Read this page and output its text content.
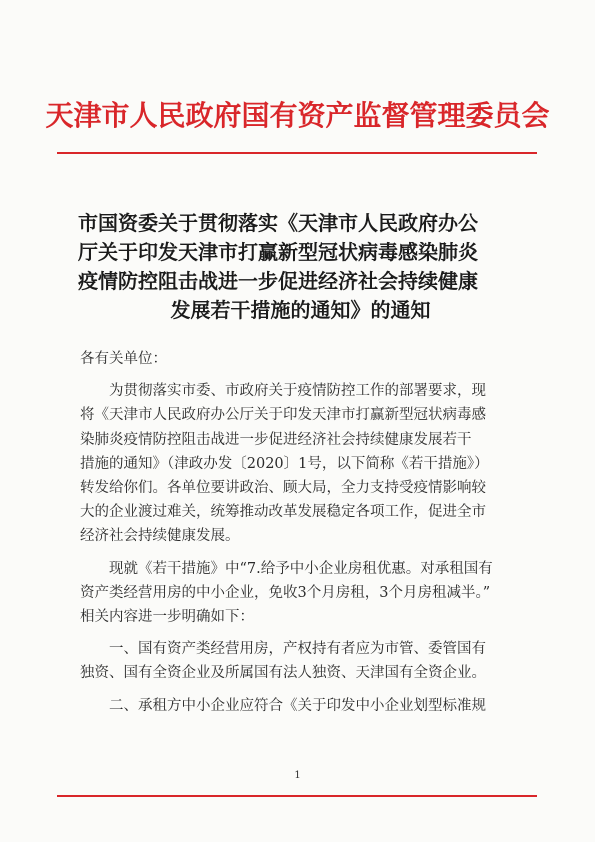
天津市人民政府国有资产监督管理委员会
市国资委关于贯彻落实《天津市人民政府办公
厅关于印发天津市打赢新型冠状病毒感染肺炎
疫情防控阻击战进一步促进经济社会持续健康
发展若干措施的通知》的通知
各有关单位：
为贯彻落实市委、市政府关于疫情防控工作的部署要求，现
将《天津市人民政府办公厅关于印发天津市打赢新型冠状病毒感
染肺炎疫情防控阻击战进一步促进经济社会持续健康发展若干
措施的通知》（津政办发〔2020〕1号，以下简称《若干措施》）
转发给你们。各单位要讲政治、顾大局，全力支持受疫情影响较
大的企业渡过难关，统筹推动改革发展稳定各项工作，促进全市
经济社会持续健康发展。
现就《若干措施》中“7.给予中小企业房租优惠。对承租国有
资产类经营用房的中小企业，免收3个月房租，3个月房租减半。”
相关内容进一步明确如下：
一、国有资产类经营用房，产权持有者应为市管、委管国有
独资、国有全资企业及所属国有法人独资、天津国有全资企业。
二、承租方中小企业应符合《关于印发中小企业划型标准规
1
